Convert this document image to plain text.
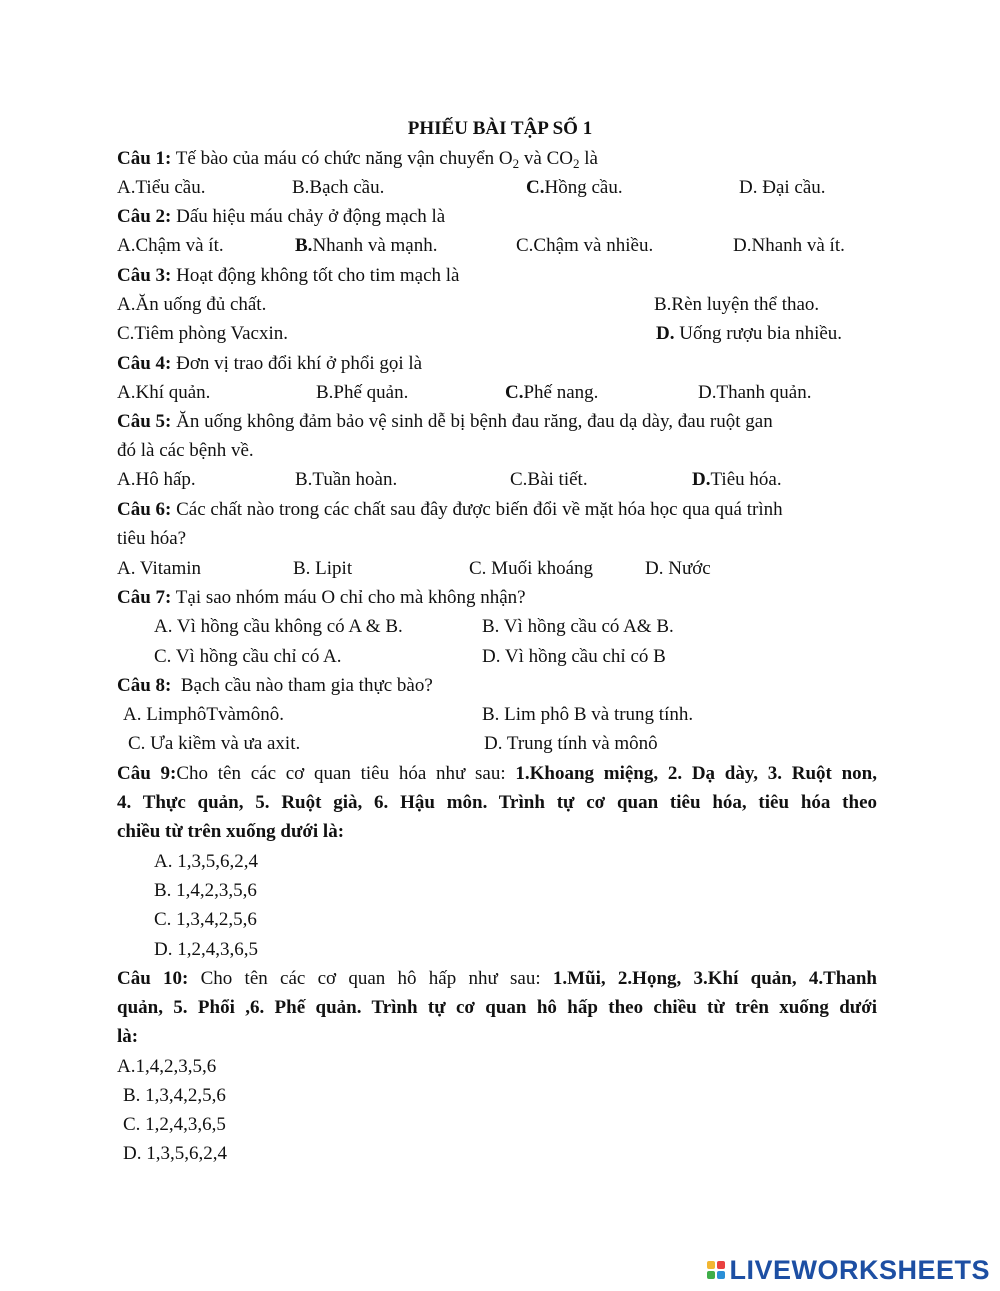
PHIẾU BÀI TẬP SỐ 1
Câu 1: Tế bào của máu có chức năng vận chuyển $O_2$ và $CO_2$ là
A.Tiểu cầu.	B.Bạch cầu.	C.Hồng cầu.	D. Đại cầu.
Câu 2: Dấu hiệu máu chảy ở động mạch là
A.Chậm và ít.	B.Nhanh và mạnh.	C.Chậm và nhiều.	D.Nhanh và ít.
Câu 3: Hoạt động không tốt cho tim mạch là
A.Ăn uống đủ chất.	B.Rèn luyện thể thao.
C.Tiêm phòng Vacxin.	D. Uống rượu bia nhiều.
Câu 4: Đơn vị trao đổi khí ở phổi gọi là
A.Khí quản.	B.Phế quản.	C.Phế nang.	D.Thanh quản.
Câu 5: Ăn uống không đảm bảo vệ sinh dễ bị bệnh đau răng, đau dạ dày, đau ruột gan
đó là các bệnh về.
A.Hô hấp.	B.Tuần hoàn.	C.Bài tiết.	D.Tiêu hóa.
Câu 6: Các chất nào trong các chất sau đây được biến đổi về mặt hóa học qua quá trình
tiêu hóa?
A. Vitamin	B. Lipit	C. Muối khoáng	D. Nước
Câu 7: Tại sao nhóm máu O chỉ cho mà không nhận?
A. Vì hồng cầu không có A & B.	B. Vì hồng cầu có A& B.
C. Vì hồng cầu chỉ có A.	D. Vì hồng cầu chỉ có B
Câu 8:  Bạch cầu nào tham gia thực bào?
A. LimphôTvàmônô.	B. Lim phô B và trung tính.
C. Ưa kiềm và ưa axit.	D. Trung tính và mônô
Câu 9:Cho tên các cơ quan tiêu hóa như sau: 1.Khoang miệng, 2. Dạ dày, 3. Ruột non,
4. Thực quản, 5. Ruột già, 6. Hậu môn. Trình tự cơ quan tiêu hóa, tiêu hóa theo
chiều từ trên xuống dưới là:
A. 1,3,5,6,2,4
B. 1,4,2,3,5,6
C. 1,3,4,2,5,6
D. 1,2,4,3,6,5
Câu 10: Cho tên các cơ quan hô hấp như sau: 1.Mũi, 2.Họng, 3.Khí quản, 4.Thanh
quản, 5. Phổi ,6. Phế quản. Trình tự cơ quan hô hấp theo chiều từ trên xuống dưới
là:
A.1,4,2,3,5,6
B. 1,3,4,2,5,6
C. 1,2,4,3,6,5
D. 1,3,5,6,2,4
LIVEWORKSHEETS
